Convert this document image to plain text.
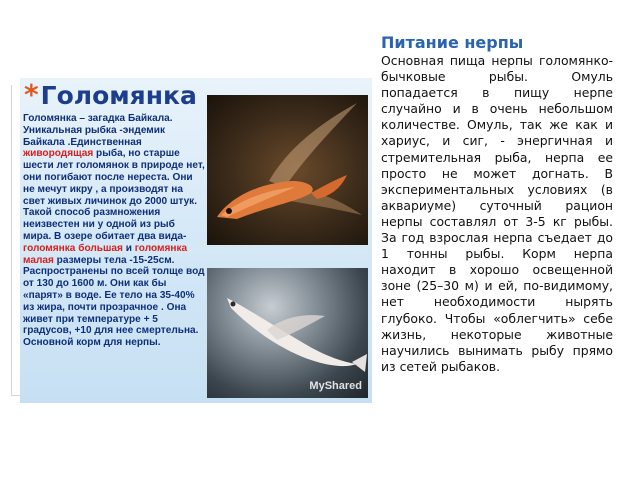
*Голомянка
Голомянка – загадка Байкала. Уникальная рыбка -эндемик Байкала .Единственная живородящая рыба, но старше шести лет голомянок в природе нет, они погибают после нереста. Они не мечут икру , а производят на свет живых личинок до 2000 штук. Такой способ размножения неизвестен ни у одной из рыб мира. В озере обитает два вида- голомянка большая и голомянка малая размеры тела -15-25см. Распространены по всей толще вод от 130 до 1600 м. Они как бы «парят» в воде. Ее тело на 35-40% из жира, почти прозрачное . Она живет при температуре + 5 градусов, +10 для нее смертельна. Основной корм для нерпы.
MyShared
Питание нерпы
Основная пища нерпы голомянко-бычковые рыбы. Омуль попадается в пищу нерпе случайно и в очень небольшом количестве. Омуль, так же как и хариус, и сиг, - энергичная и стремительная рыба, нерпа ее просто не может догнать. В экспериментальных условиях (в аквариуме) суточный рацион нерпы составлял от 3-5 кг рыбы. За год взрослая нерпа съедает до 1 тонны рыбы. Корм нерпа находит в хорошо освещенной зоне (25–30 м) и ей, по-видимому, нет необходимости нырять глубоко. Чтобы «облегчить» себе жизнь, некоторые животные научились вынимать рыбу прямо из сетей рыбаков.
